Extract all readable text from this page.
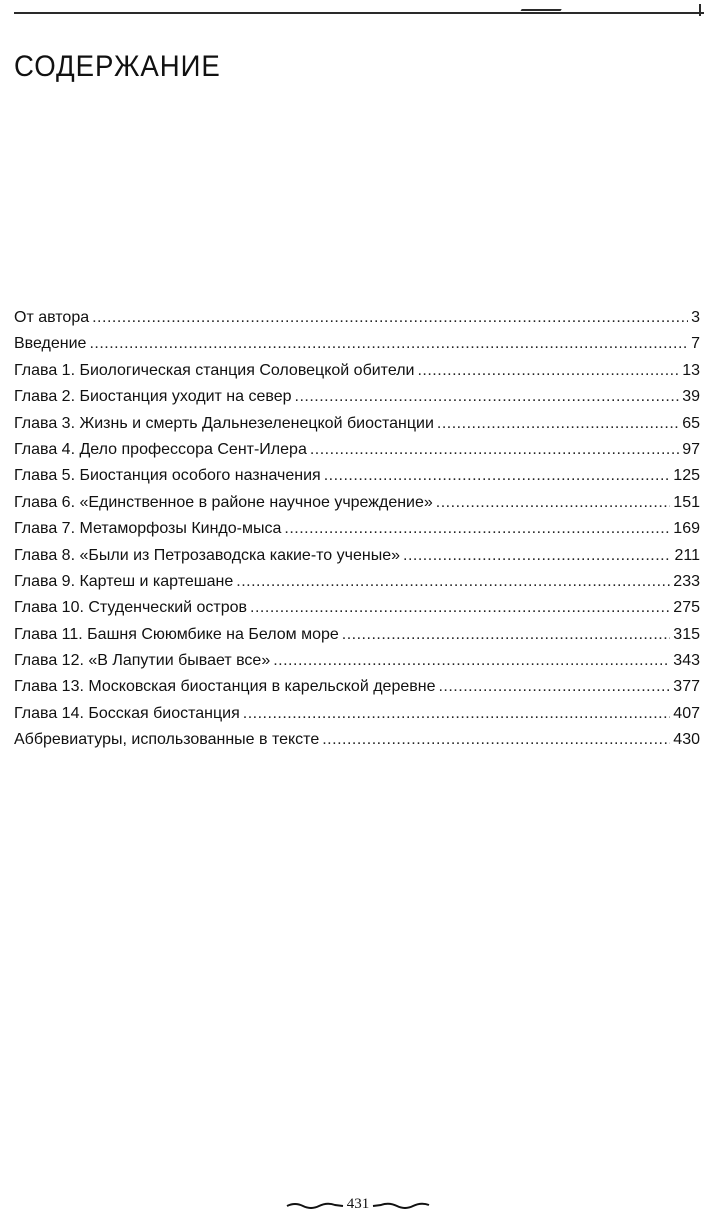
СОДЕРЖАНИЕ
От автора .....	3
Введение .....	7
Глава 1. Биологическая станция Соловецкой обители .....	13
Глава 2. Биостанция уходит на север .....	39
Глава 3. Жизнь и смерть Дальнезеленецкой биостанции .....	65
Глава 4. Дело профессора Сент-Илера .....	97
Глава 5. Биостанция особого назначения .....	125
Глава 6. «Единственное в районе научное учреждение» .....	151
Глава 7. Метаморфозы Киндо-мыса .....	169
Глава 8. «Были из Петрозаводска какие-то ученые» .....	211
Глава 9. Картеш и картешане .....	233
Глава 10. Студенческий остров .....	275
Глава 11. Башня Сююмбике на Белом море .....	315
Глава 12. «В Лапутии бывает все» .....	343
Глава 13. Московская биостанция в карельской деревне .....	377
Глава 14. Босская биостанция .....	407
Аббревиатуры, использованные в тексте .....	430
431
